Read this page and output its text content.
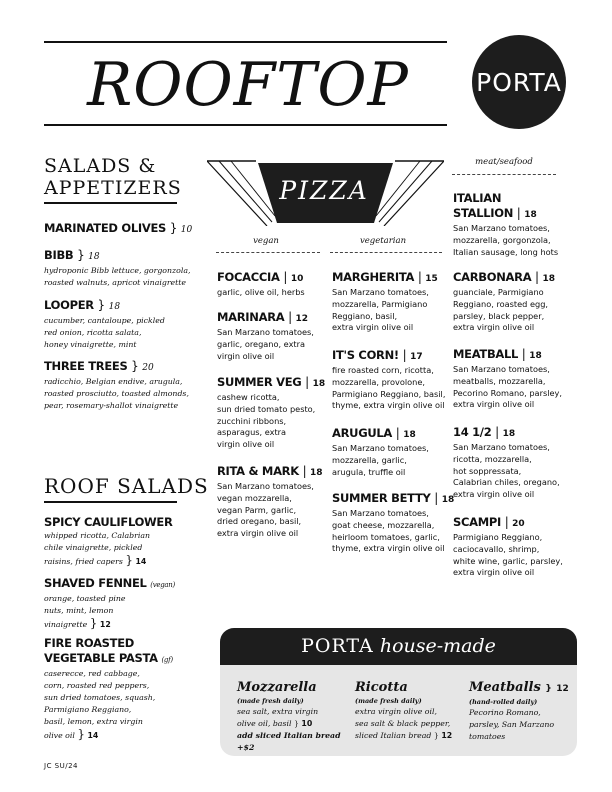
ROOFTOP	PORTA
SALADS &
APPETIZERS
MARINATED OLIVES } 10
BIBB } 18
hydroponic Bibb lettuce, gorgonzola,
roasted walnuts, apricot vinaigrette
LOOPER } 18
cucumber, cantaloupe, pickled
red onion, ricotta salata,
honey vinaigrette, mint
THREE TREES } 20
radicchio, Belgian endive, arugula,
roasted prosciutto, toasted almonds,
pear, rosemary-shallot vinaigrette
ROOF SALADS
SPICY CAULIFLOWER
whipped ricotta, Calabrian
chile vinaigrette, pickled
raisins, fried capers } 14
SHAVED FENNEL (vegan)
orange, toasted pine
nuts, mint, lemon
vinaigrette } 12
FIRE ROASTED
VEGETABLE PASTA (gf)
caserecce, red cabbage,
corn, roasted red peppers,
sun dried tomatoes, squash,
Parmigiano Reggiano,
basil, lemon, extra virgin
olive oil } 14
PIZZA
vegan	vegetarian
meat/seafood
FOCACCIA | 10
garlic, olive oil, herbs
MARINARA | 12
San Marzano tomatoes,
garlic, oregano, extra
virgin olive oil
SUMMER VEG | 18
cashew ricotta,
sun dried tomato pesto,
zucchini ribbons,
asparagus, extra
virgin olive oil
RITA & MARK | 18
San Marzano tomatoes,
vegan mozzarella,
vegan Parm, garlic,
dried oregano, basil,
extra virgin olive oil
MARGHERITA | 15
San Marzano tomatoes,
mozzarella, Parmigiano
Reggiano, basil,
extra virgin olive oil
IT'S CORN! | 17
fire roasted corn, ricotta,
mozzarella, provolone,
Parmigiano Reggiano, basil,
thyme, extra virgin olive oil
ARUGULA | 18
San Marzano tomatoes,
mozzarella, garlic,
arugula, truffle oil
SUMMER BETTY | 18
San Marzano tomatoes,
goat cheese, mozzarella,
heirloom tomatoes, garlic,
thyme, extra virgin olive oil
ITALIAN
STALLION | 18
San Marzano tomatoes,
mozzarella, gorgonzola,
Italian sausage, long hots
CARBONARA | 18
guanciale, Parmigiano
Reggiano, roasted egg,
parsley, black pepper,
extra virgin olive oil
MEATBALL | 18
San Marzano tomatoes,
meatballs, mozzarella,
Pecorino Romano, parsley,
extra virgin olive oil
14 1/2 | 18
San Marzano tomatoes,
ricotta, mozzarella,
hot soppressata,
Calabrian chiles, oregano,
extra virgin olive oil
SCAMPI | 20
Parmigiano Reggiano,
caciocavallo, shrimp,
white wine, garlic, parsley,
extra virgin olive oil
PORTA house-made
Mozzarella
(made fresh daily)
sea salt, extra virgin
olive oil, basil } 10
add sliced Italian bread +$2
Ricotta
(made fresh daily)
extra virgin olive oil,
sea salt & black pepper,
sliced Italian bread } 12
Meatballs } 12
(hand-rolled daily)
Pecorino Romano,
parsley, San Marzano
tomatoes
JC SU/24
